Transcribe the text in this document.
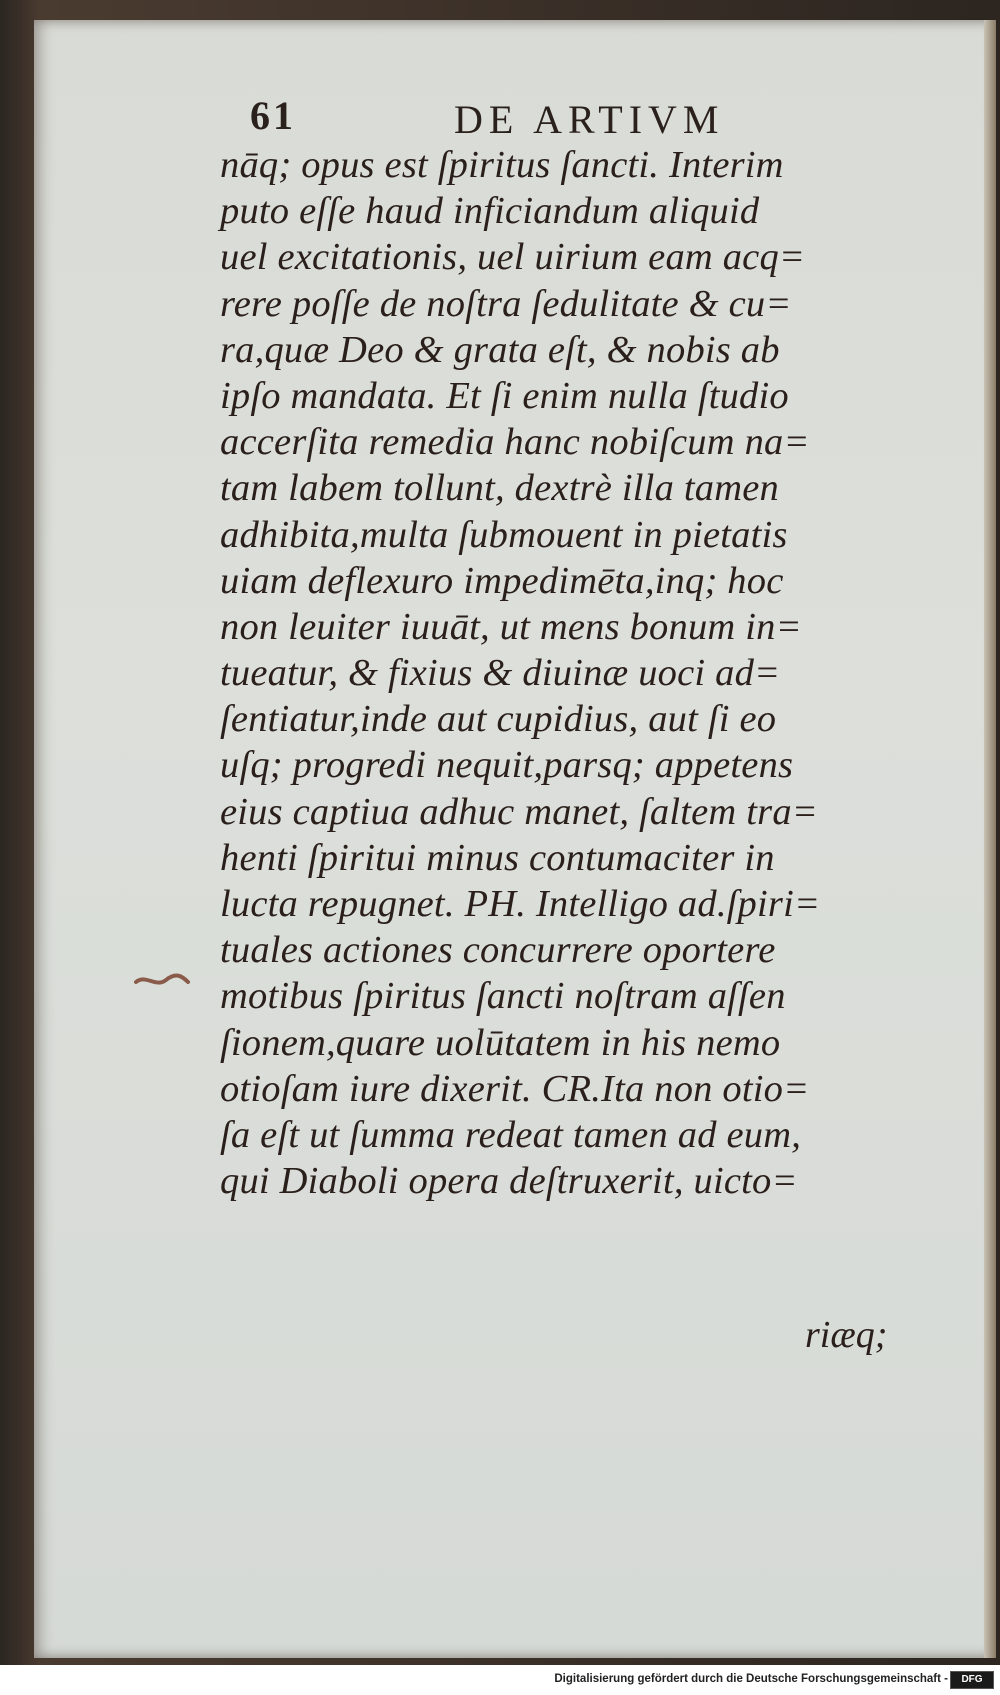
61	DE ARTIVM
nāq; opus est ſpiritus ſancti. Interim
puto eſſe haud inficiandum aliquid
uel excitationis, uel uirium eam acq=
rere poſſe de noſtra ſedulitate & cu=
ra,quæ Deo & grata eſt, & nobis ab
ipſo mandata. Et ſi enim nulla ſtudio
accerſita remedia hanc nobiſcum na=
tam labem tollunt, dextrè illa tamen
adhibita,multa ſubmouent in pietatis
uiam deflexuro impedimēta,inq; hoc
non leuiter iuuāt, ut mens bonum in=
tueatur, & fixius & diuinæ uoci ad=
ſentiatur,inde aut cupidius, aut ſi eo
uſq; progredi nequit,parsq; appetens
eius captiua adhuc manet, ſaltem tra=
henti ſpiritui minus contumaciter in
lucta repugnet. PH. Intelligo ad.ſpiri=
tuales actiones concurrere oportere
motibus ſpiritus ſancti noſtram aſſen
ſionem,quare uolūtatem in his nemo
otioſam iure dixerit. CR.Ita non otio=
ſa eſt ut ſumma redeat tamen ad eum,
qui Diaboli opera deſtruxerit, uicto=
riæq;
Digitalisierung gefördert durch die Deutsche Forschungsgemeinschaft -	DFG
